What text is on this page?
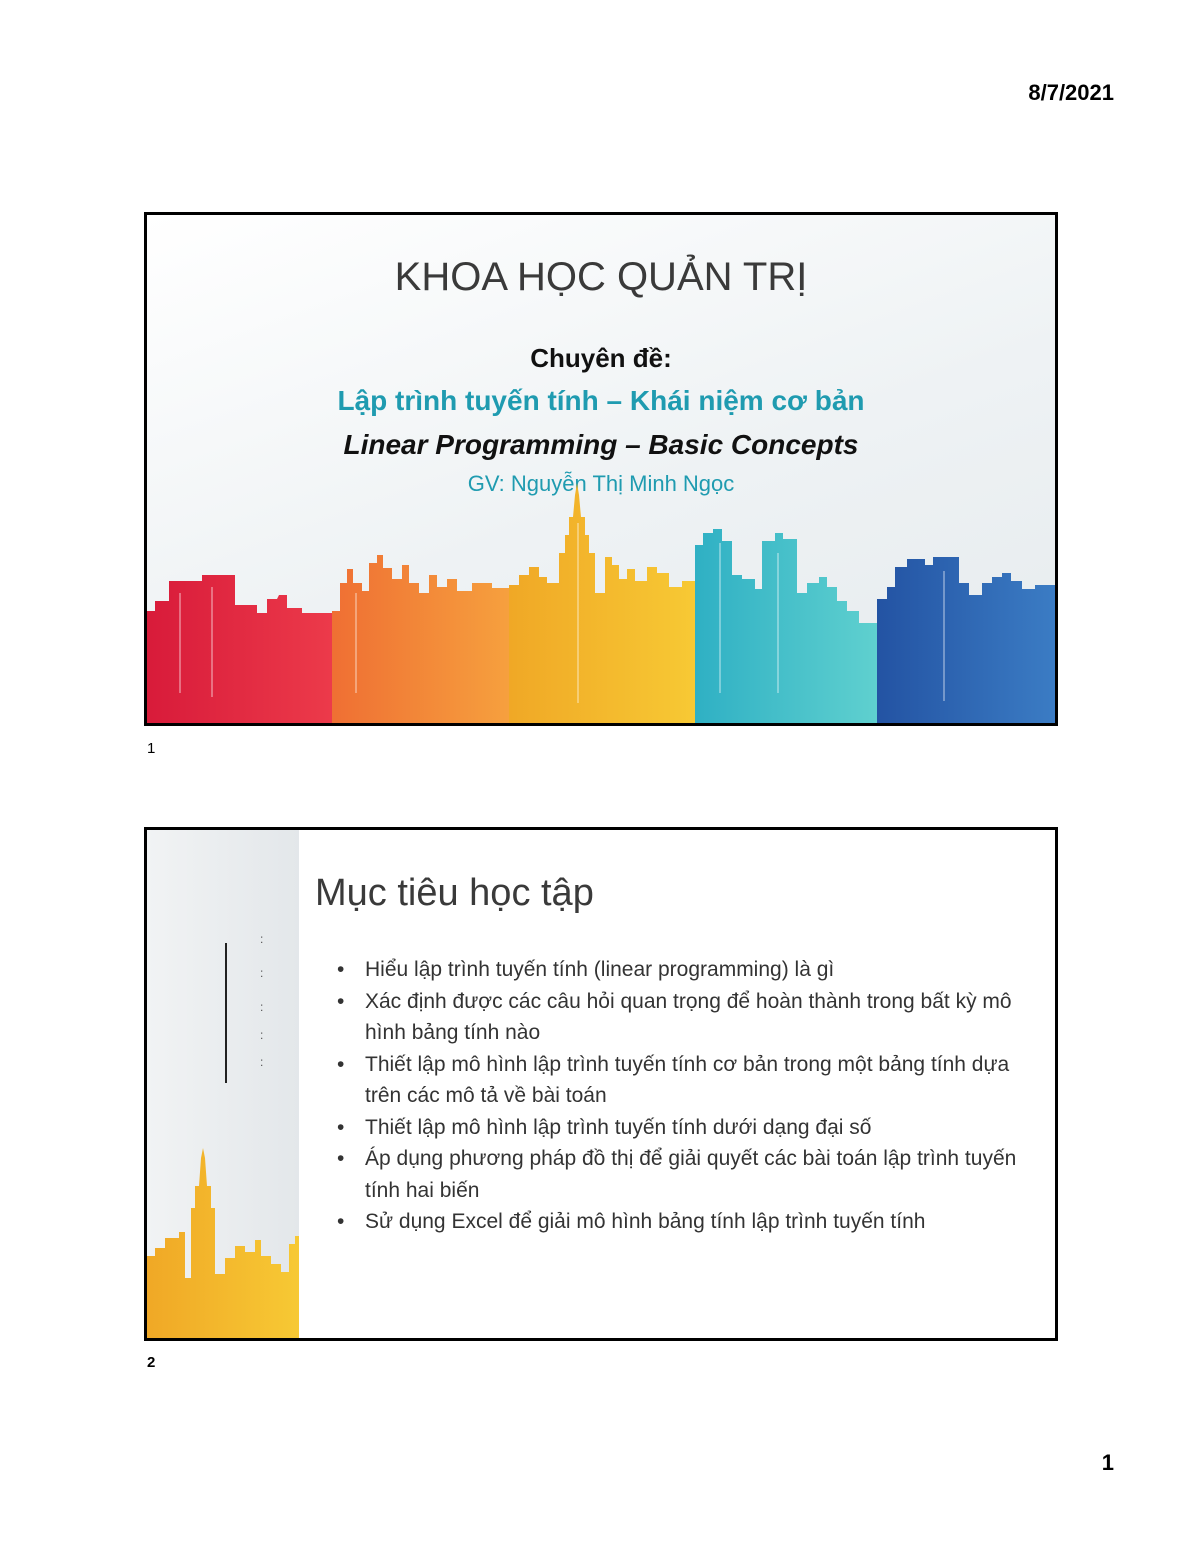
8/7/2021
KHOA HỌC QUẢN TRỊ
Chuyên đề:
Lập trình tuyến tính – Khái niệm cơ bản
Linear Programming – Basic Concepts
GV: Nguyễn Thị Minh Ngọc
1
:
:
:
:
:
Mục tiêu học tập
• Hiểu lập trình tuyến tính (linear programming) là gì
• Xác định được các câu hỏi quan trọng để hoàn thành trong bất kỳ mô hình bảng tính nào
• Thiết lập mô hình lập trình tuyến tính cơ bản trong một bảng tính dựa trên các mô tả về bài toán
• Thiết lập mô hình lập trình tuyến tính dưới dạng đại số
• Áp dụng phương pháp đồ thị để giải quyết các bài toán lập trình tuyến tính hai biến
• Sử dụng Excel để giải mô hình bảng tính lập trình tuyến tính
2
1
